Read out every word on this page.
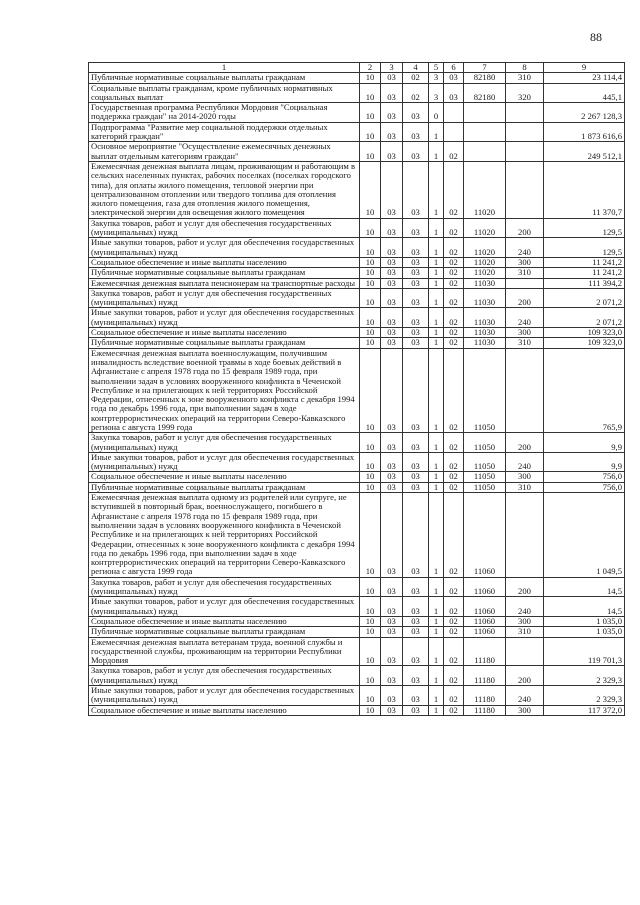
88
1	2	3	4	5	6	7	8	9
Публичные нормативные социальные выплаты гражданам	10	03	02	3	03	82180	310	23 114,4
Социальные выплаты гражданам, кроме публичных нормативных социальных выплат	10	03	02	3	03	82180	320	445,1
Государственная программа Республики Мордовия "Социальная поддержка граждан" на 2014-2020 годы	10	03	03	0				2 267 128,3
Подпрограмма "Развитие мер социальной поддержки отдельных категорий граждан"	10	03	03	1				1 873 616,6
Основное мероприятие "Осуществление ежемесячных денежных выплат отдельным категориям граждан"	10	03	03	1	02			249 512,1
Ежемесячная денежная выплата лицам, проживающим и работающим в сельских населенных пунктах, рабочих поселках (поселках городского типа), для оплаты жилого помещения, тепловой энергии при централизованном отоплении или твердого топлива для отопления жилого помещения, газа для отопления жилого помещения, электрической энергии для освещения жилого помещения	10	03	03	1	02	11020		11 370,7
Закупка товаров, работ и услуг для обеспечения государственных (муниципальных) нужд	10	03	03	1	02	11020	200	129,5
Иные закупки товаров, работ и услуг для обеспечения государственных (муниципальных) нужд	10	03	03	1	02	11020	240	129,5
Социальное обеспечение и иные выплаты населению	10	03	03	1	02	11020	300	11 241,2
Публичные нормативные социальные выплаты гражданам	10	03	03	1	02	11020	310	11 241,2
Ежемесячная денежная выплата пенсионерам на транспортные расходы	10	03	03	1	02	11030		111 394,2
Закупка товаров, работ и услуг для обеспечения государственных (муниципальных) нужд	10	03	03	1	02	11030	200	2 071,2
Иные закупки товаров, работ и услуг для обеспечения государственных (муниципальных) нужд	10	03	03	1	02	11030	240	2 071,2
Социальное обеспечение и иные выплаты населению	10	03	03	1	02	11030	300	109 323,0
Публичные нормативные социальные выплаты гражданам	10	03	03	1	02	11030	310	109 323,0
Ежемесячная денежная выплата военнослужащим, получившим инвалидность вследствие военной травмы в ходе боевых действий в Афганистане с апреля 1978 года по 15 февраля 1989 года, при выполнении задач в условиях вооруженного конфликта в Чеченской Республике и на прилегающих к ней территориях Российской Федерации, отнесенных к зоне вооруженного конфликта с декабря 1994 года по декабрь 1996 года, при выполнении задач в ходе контртеррористических операций на территории Северо-Кавказского региона с августа 1999 года	10	03	03	1	02	11050		765,9
Закупка товаров, работ и услуг для обеспечения государственных (муниципальных) нужд	10	03	03	1	02	11050	200	9,9
Иные закупки товаров, работ и услуг для обеспечения государственных (муниципальных) нужд	10	03	03	1	02	11050	240	9,9
Социальное обеспечение и иные выплаты населению	10	03	03	1	02	11050	300	756,0
Публичные нормативные социальные выплаты гражданам	10	03	03	1	02	11050	310	756,0
Ежемесячная денежная выплата одному из родителей или супруге, не вступившей в повторный брак, военнослужащего, погибшего в Афганистане с апреля 1978 года по 15 февраля 1989 года, при выполнении задач в условиях вооруженного конфликта в Чеченской Республике и на прилегающих к ней территориях Российской Федерации, отнесенных к зоне вооруженного конфликта с декабря 1994 года по декабрь 1996 года, при выполнении задач в ходе контртеррористических операций на территории Северо-Кавказского региона с августа 1999 года	10	03	03	1	02	11060		1 049,5
Закупка товаров, работ и услуг для обеспечения государственных (муниципальных) нужд	10	03	03	1	02	11060	200	14,5
Иные закупки товаров, работ и услуг для обеспечения государственных (муниципальных) нужд	10	03	03	1	02	11060	240	14,5
Социальное обеспечение и иные выплаты населению	10	03	03	1	02	11060	300	1 035,0
Публичные нормативные социальные выплаты гражданам	10	03	03	1	02	11060	310	1 035,0
Ежемесячная денежная выплата ветеранам труда, военной службы и государственной службы, проживающим на территории Республики Мордовия	10	03	03	1	02	11180		119 701,3
Закупка товаров, работ и услуг для обеспечения государственных (муниципальных) нужд	10	03	03	1	02	11180	200	2 329,3
Иные закупки товаров, работ и услуг для обеспечения государственных (муниципальных) нужд	10	03	03	1	02	11180	240	2 329,3
Социальное обеспечение и иные выплаты населению	10	03	03	1	02	11180	300	117 372,0
